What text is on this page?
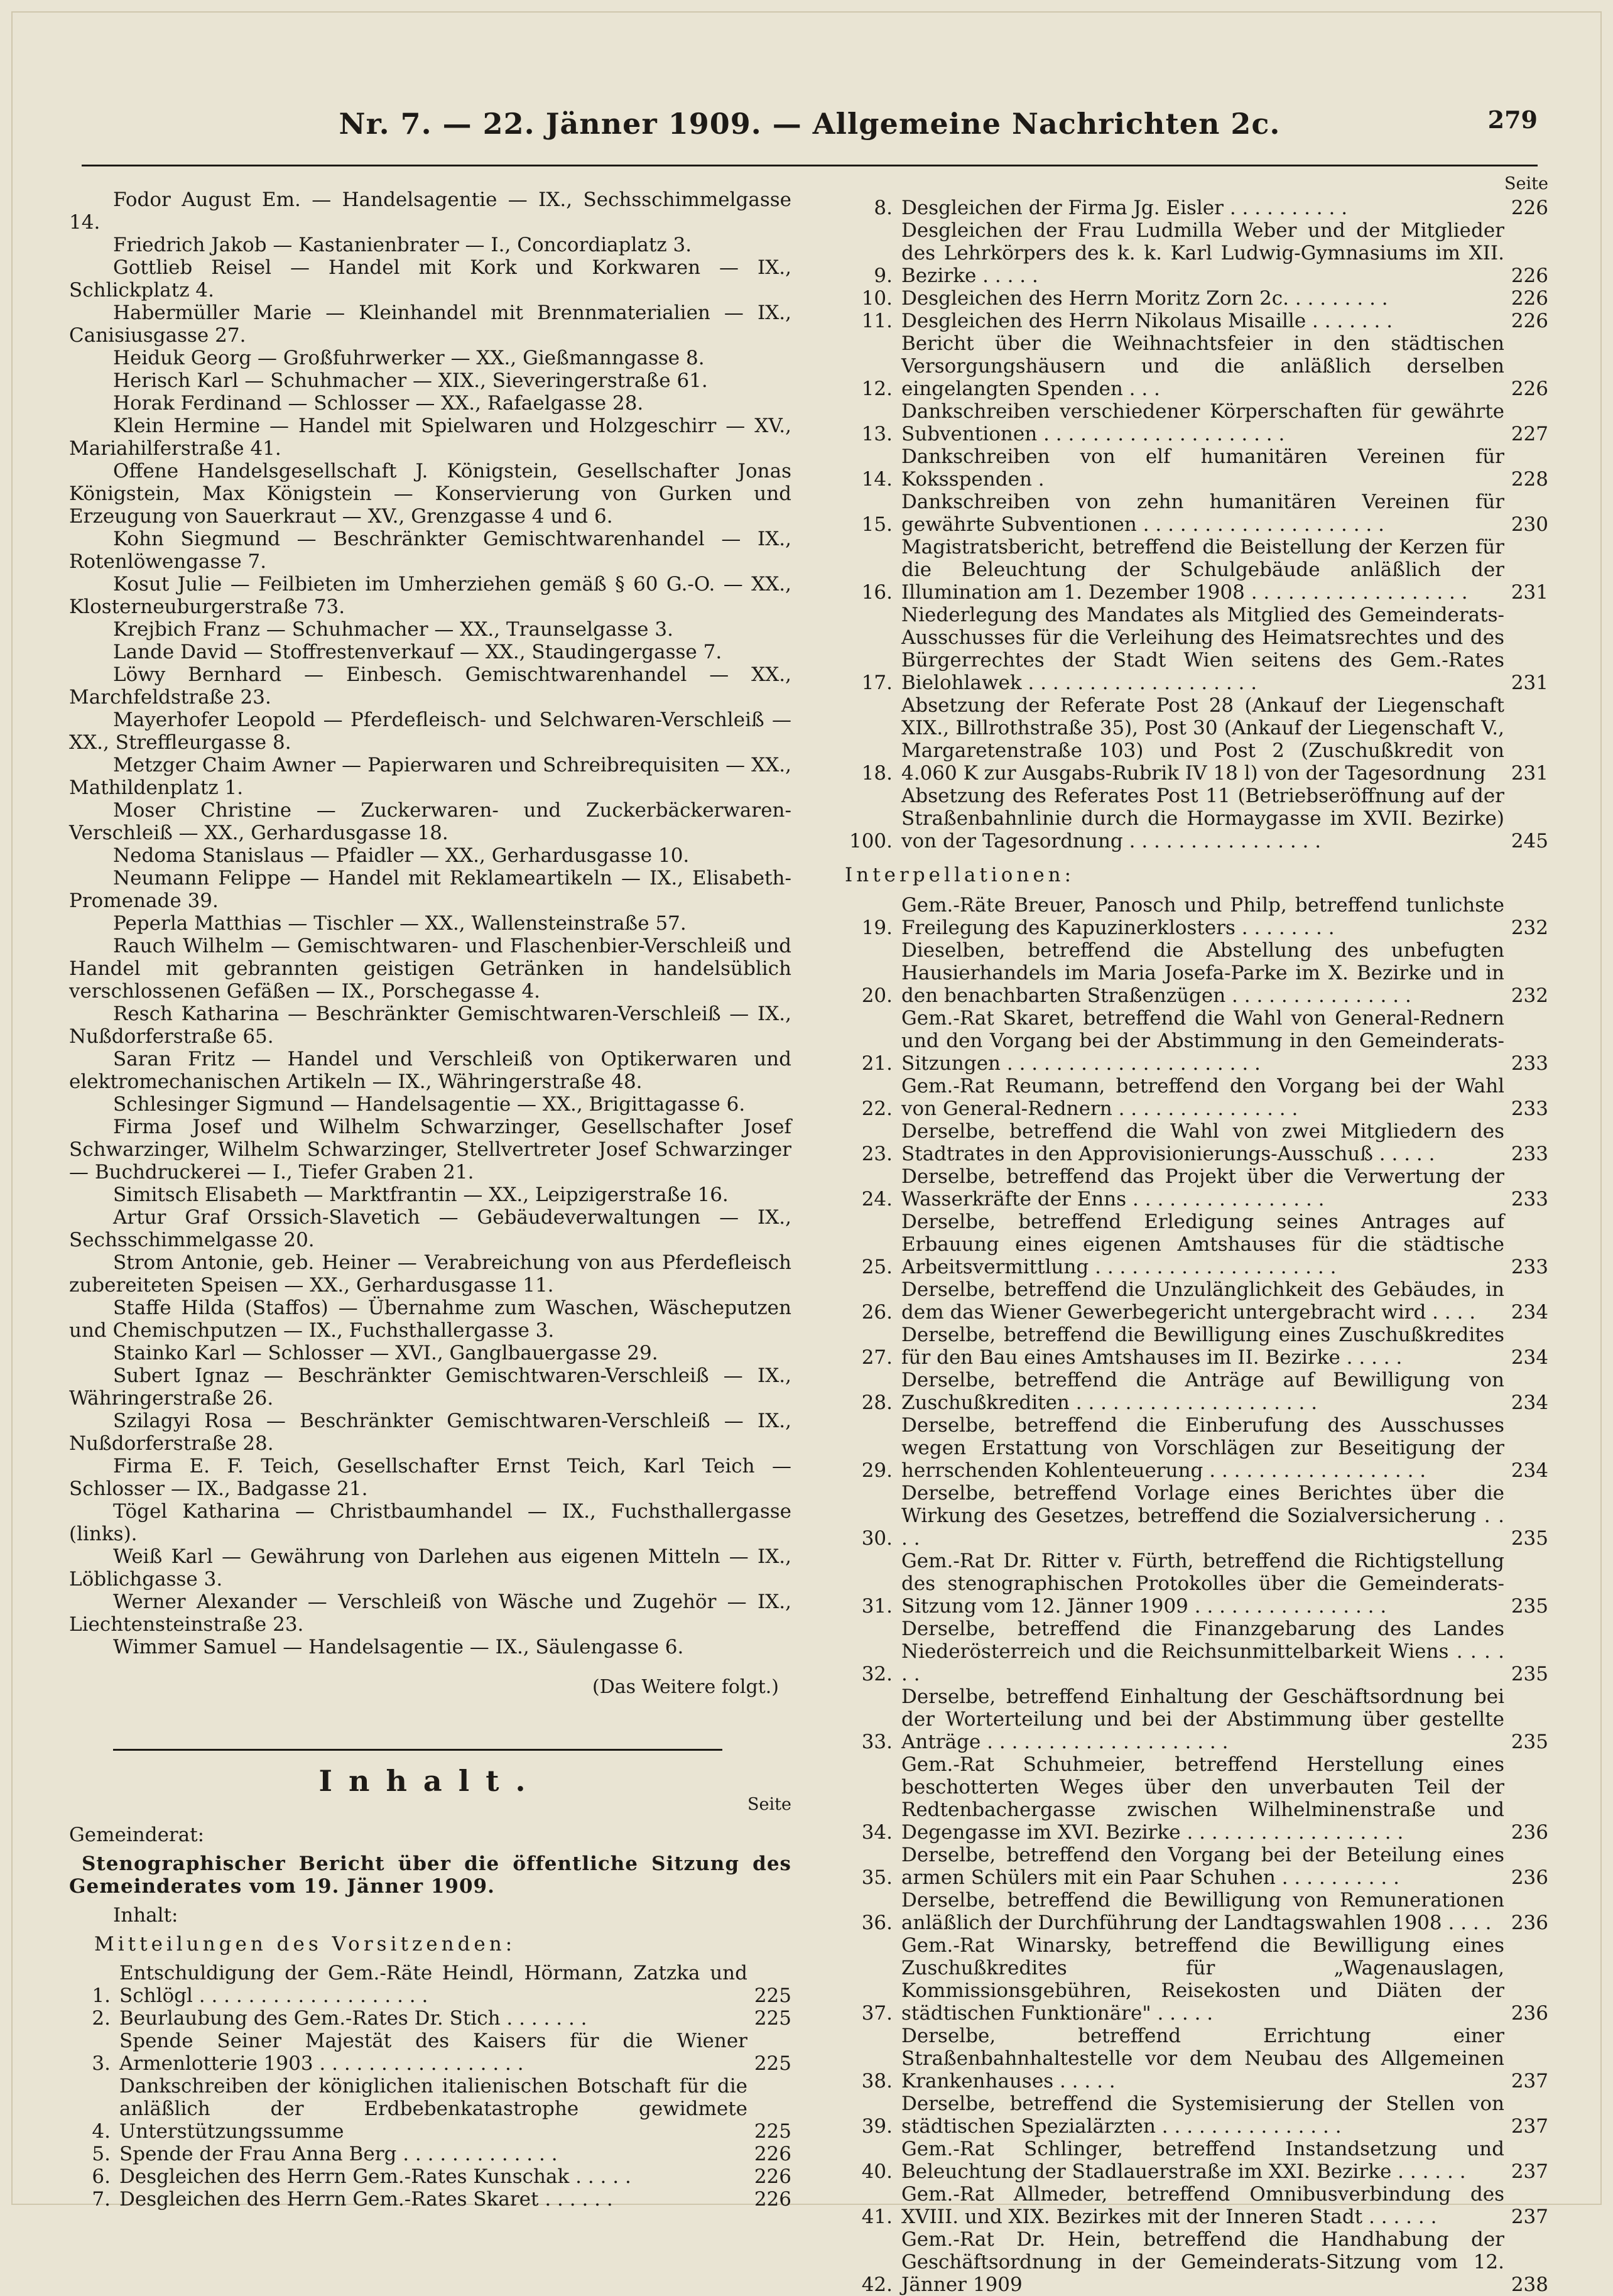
Nr. 7. — 22. Jänner 1909. — Allgemeine Nachrichten 2c.	279

Fodor August Em. — Handelsagentie — IX., Sechsschimmelgasse 14.

Friedrich Jakob — Kastanienbrater — I., Concordiaplatz 3.

Gottlieb Reisel — Handel mit Kork und Korkwaren — IX., Schlickplatz 4.

Habermüller Marie — Kleinhandel mit Brennmaterialien — IX., Canisiusgasse 27.

Heiduk Georg — Großfuhrwerker — XX., Gießmanngasse 8.

Herisch Karl — Schuhmacher — XIX., Sieveringerstraße 61.

Horak Ferdinand — Schlosser — XX., Rafaelgasse 28.

Klein Hermine — Handel mit Spielwaren und Holzgeschirr — XV., Mariahilferstraße 41.

Offene Handelsgesellschaft J. Königstein, Gesellschafter Jonas Königstein, Max Königstein — Konservierung von Gurken und Erzeugung von Sauerkraut — XV., Grenzgasse 4 und 6.

Kohn Siegmund — Beschränkter Gemischtwarenhandel — IX., Rotenlöwengasse 7.

Kosut Julie — Feilbieten im Umherziehen gemäß § 60 G.-O. — XX., Klosterneuburgerstraße 73.

Krejbich Franz — Schuhmacher — XX., Traunselgasse 3.

Lande David — Stoffrestenverkauf — XX., Staudingergasse 7.

Löwy Bernhard — Einbesch. Gemischtwarenhandel — XX., Marchfeldstraße 23.

Mayerhofer Leopold — Pferdefleisch- und Selchwaren-Verschleiß — XX., Streffleurgasse 8.

Metzger Chaim Awner — Papierwaren und Schreibrequisiten — XX., Mathildenplatz 1.

Moser Christine — Zuckerwaren- und Zuckerbäckerwaren-Verschleiß — XX., Gerhardusgasse 18.

Nedoma Stanislaus — Pfaidler — XX., Gerhardusgasse 10.

Neumann Felippe — Handel mit Reklameartikeln — IX., Elisabeth-Promenade 39.

Peperla Matthias — Tischler — XX., Wallensteinstraße 57.

Rauch Wilhelm — Gemischtwaren- und Flaschenbier-Verschleiß und Handel mit gebrannten geistigen Getränken in handelsüblich verschlossenen Gefäßen — IX., Porschegasse 4.

Resch Katharina — Beschränkter Gemischtwaren-Verschleiß — IX., Nußdorferstraße 65.

Saran Fritz — Handel und Verschleiß von Optikerwaren und elektromechanischen Artikeln — IX., Währingerstraße 48.

Schlesinger Sigmund — Handelsagentie — XX., Brigittagasse 6.

Firma Josef und Wilhelm Schwarzinger, Gesellschafter Josef Schwarzinger, Wilhelm Schwarzinger, Stellvertreter Josef Schwarzinger — Buchdruckerei — I., Tiefer Graben 21.

Simitsch Elisabeth — Marktfrantin — XX., Leipzigerstraße 16.

Artur Graf Orssich-Slavetich — Gebäudeverwaltungen — IX., Sechsschimmelgasse 20.

Strom Antonie, geb. Heiner — Verabreichung von aus Pferdefleisch zubereiteten Speisen — XX., Gerhardusgasse 11.

Staffe Hilda (Staffos) — Übernahme zum Waschen, Wäscheputzen und Chemischputzen — IX., Fuchsthallergasse 3.

Stainko Karl — Schlosser — XVI., Ganglbauergasse 29.

Subert Ignaz — Beschränkter Gemischtwaren-Verschleiß — IX., Währingerstraße 26.

Szilagyi Rosa — Beschränkter Gemischtwaren-Verschleiß — IX., Nußdorferstraße 28.

Firma E. F. Teich, Gesellschafter Ernst Teich, Karl Teich — Schlosser — IX., Badgasse 21.

Tögel Katharina — Christbaumhandel — IX., Fuchsthallergasse (links).

Weiß Karl — Gewährung von Darlehen aus eigenen Mitteln — IX., Löblichgasse 3.

Werner Alexander — Verschleiß von Wäsche und Zugehör — IX., Liechtensteinstraße 23.

Wimmer Samuel — Handelsagentie — IX., Säulengasse 6.

(Das Weitere folgt.)
Inhalt.
Seite
Gemeinderat:
Stenographischer Bericht über die öffentliche Sitzung des Gemeinderates vom 19. Jänner 1909.
Inhalt:
Mitteilungen des Vorsitzenden:
1.
Entschuldigung der Gem.-Räte Heindl, Hörmann, Zatzka und Schlögl . . . . . . . . . . . . . . . . . . .	225
2. Beurlaubung des Gem.-Rates Dr. Stich . . . . . . .	225
3.
Spende Seiner Majestät des Kaisers für die Wiener Armenlotterie 1903 . . . . . . . . . . . . . . . . .	225
4.
Dankschreiben der königlichen italienischen Botschaft für die anläßlich der Erdbebenkatastrophe gewidmete Unterstützungssumme	225
5. Spende der Frau Anna Berg . . . . . . . . . . . . .	226
6. Desgleichen des Herrn Gem.-Rates Kunschak . . . . .	226
7. Desgleichen des Herrn Gem.-Rates Skaret . . . . . .	226
Seite
8. Desgleichen der Firma Jg. Eisler . . . . . . . . . .	226
9.
Desgleichen der Frau Ludmilla Weber und der Mitglieder des Lehrkörpers des k. k. Karl Ludwig-Gymnasiums im XII. Bezirke . . . . .	226
10. Desgleichen des Herrn Moritz Zorn 2c. . . . . . . . .	226
11. Desgleichen des Herrn Nikolaus Misaille . . . . . . .	226
12.
Bericht über die Weihnachtsfeier in den städtischen Versorgungshäusern und die anläßlich derselben eingelangten Spenden . . .	226
13.
Dankschreiben verschiedener Körperschaften für gewährte Subventionen . . . . . . . . . . . . . . . . . . . .	227
14.
Dankschreiben von elf humanitären Vereinen für Koksspenden .	228
15.
Dankschreiben von zehn humanitären Vereinen für gewährte Subventionen . . . . . . . . . . . . . . . . . . . .	230
16.
Magistratsbericht, betreffend die Beistellung der Kerzen für die Beleuchtung der Schulgebäude anläßlich der Illumination am 1. Dezember 1908 . . . . . . . . . . . . . . . . . .	231
17.
Niederlegung des Mandates als Mitglied des Gemeinderats-Ausschusses für die Verleihung des Heimatsrechtes und des Bürgerrechtes der Stadt Wien seitens des Gem.-Rates Bielohlawek . . . . . . . . . . . . . . . . . . .	231
18.
Absetzung der Referate Post 28 (Ankauf der Liegenschaft XIX., Billrothstraße 35), Post 30 (Ankauf der Liegenschaft V., Margaretenstraße 103) und Post 2 (Zuschußkredit von 4.060 K zur Ausgabs-Rubrik IV 18 l) von der Tagesordnung	231
100.
Absetzung des Referates Post 11 (Betriebseröffnung auf der Straßenbahnlinie durch die Hormaygasse im XVII. Bezirke) von der Tagesordnung . . . . . . . . . . . . . . . .	245
Interpellationen:
19.
Gem.-Räte Breuer, Panosch und Philp, betreffend tunlichste Freilegung des Kapuzinerklosters . . . . . . . .	232
20.
Dieselben, betreffend die Abstellung des unbefugten Hausierhandels im Maria Josefa-Parke im X. Bezirke und in den benachbarten Straßenzügen . . . . . . . . . . . . . . .	232
21.
Gem.-Rat Skaret, betreffend die Wahl von General-Rednern und den Vorgang bei der Abstimmung in den Gemeinderats-Sitzungen . . . . . . . . . . . . . . . . . . . . .	233
22.
Gem.-Rat Reumann, betreffend den Vorgang bei der Wahl von General-Rednern . . . . . . . . . . . . . . .	233
23.
Derselbe, betreffend die Wahl von zwei Mitgliedern des Stadtrates in den Approvisionierungs-Ausschuß . . . . .	233
24.
Derselbe, betreffend das Projekt über die Verwertung der Wasserkräfte der Enns . . . . . . . . . . . . . . . .	233
25.
Derselbe, betreffend Erledigung seines Antrages auf Erbauung eines eigenen Amtshauses für die städtische Arbeitsvermittlung . . . . . . . . . . . . . . . . . . . .	233
26.
Derselbe, betreffend die Unzulänglichkeit des Gebäudes, in dem das Wiener Gewerbegericht untergebracht wird . . . .	234
27.
Derselbe, betreffend die Bewilligung eines Zuschußkredites für den Bau eines Amtshauses im II. Bezirke . . . . .	234
28.
Derselbe, betreffend die Anträge auf Bewilligung von Zuschußkrediten . . . . . . . . . . . . . . . . . . . .	234
29.
Derselbe, betreffend die Einberufung des Ausschusses wegen Erstattung von Vorschlägen zur Beseitigung der herrschenden Kohlenteuerung . . . . . . . . . . . . . . . . . .	234
30.
Derselbe, betreffend Vorlage eines Berichtes über die Wirkung des Gesetzes, betreffend die Sozialversicherung . . . .	235
31.
Gem.-Rat Dr. Ritter v. Fürth, betreffend die Richtigstellung des stenographischen Protokolles über die Gemeinderats-Sitzung vom 12. Jänner 1909 . . . . . . . . . . . . . . . .	235
32.
Derselbe, betreffend die Finanzgebarung des Landes Niederösterreich und die Reichsunmittelbarkeit Wiens . . . . . .	235
33.
Derselbe, betreffend Einhaltung der Geschäftsordnung bei der Worterteilung und bei der Abstimmung über gestellte Anträge . . . . . . . . . . . . . . . . . . . .	235
34.
Gem.-Rat Schuhmeier, betreffend Herstellung eines beschotterten Weges über den unverbauten Teil der Redtenbachergasse zwischen Wilhelminenstraße und Degengasse im XVI. Bezirke . . . . . . . . . . . . . . . . . .	236
35.
Derselbe, betreffend den Vorgang bei der Beteilung eines armen Schülers mit ein Paar Schuhen . . . . . . . . . .	236
36.
Derselbe, betreffend die Bewilligung von Remunerationen anläßlich der Durchführung der Landtagswahlen 1908 . . . .	236
37.
Gem.-Rat Winarsky, betreffend die Bewilligung eines Zuschußkredites für „Wagenauslagen, Kommissionsgebühren, Reisekosten und Diäten der städtischen Funktionäre" . . . . .	236
38.
Derselbe, betreffend Errichtung einer Straßenbahnhaltestelle vor dem Neubau des Allgemeinen Krankenhauses . . . . .	237
39.
Derselbe, betreffend die Systemisierung der Stellen von städtischen Spezialärzten . . . . . . . . . . . . . . .	237
40.
Gem.-Rat Schlinger, betreffend Instandsetzung und Beleuchtung der Stadlauerstraße im XXI. Bezirke . . . . . .	237
41.
Gem.-Rat Allmeder, betreffend Omnibusverbindung des XVIII. und XIX. Bezirkes mit der Inneren Stadt . . . . . .	237
42.
Gem.-Rat Dr. Hein, betreffend die Handhabung der Geschäftsordnung in der Gemeinderats-Sitzung vom 12. Jänner 1909	238
